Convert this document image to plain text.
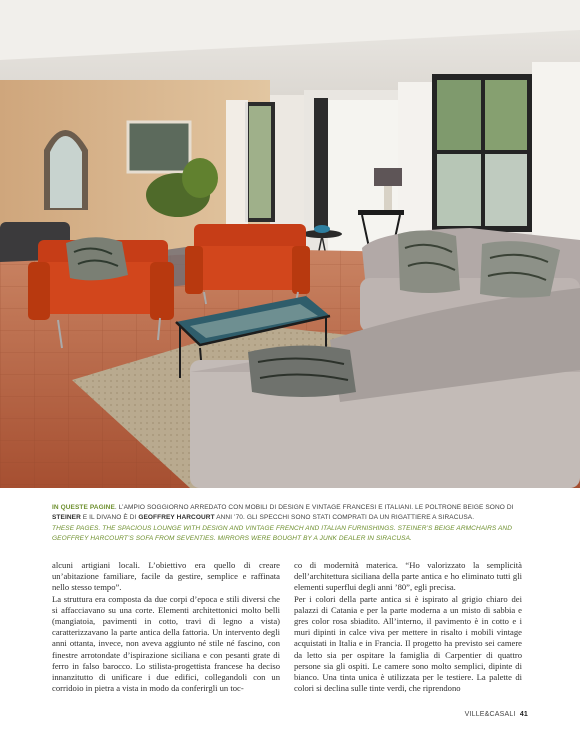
IN QUESTE PAGINE. L’AMPIO SOGGIORNO ARREDATO CON MOBILI DI DESIGN E VINTAGE FRANCESI E ITALIANI. LE POLTRONE BEIGE SONO DI STEINER E IL DIVANO È DI GEOFFREY HARCOURT ANNI ’70. GLI SPECCHI SONO STATI COMPRATI DA UN RIGATTIERE A SIRACUSA.

THESE PAGES. THE SPACIOUS LOUNGE WITH DESIGN AND VINTAGE FRENCH AND ITALIAN FURNISHINGS. STEINER’S BEIGE ARMCHAIRS AND GEOFFREY HARCOURT’S SOFA FROM SEVENTIES. MIRRORS WERE BOUGHT BY A JUNK DEALER IN SIRACUSA.

alcuni artigiani locali. L’obiettivo era quello di creare un’abitazione familiare, facile da gestire, semplice e raffinata nello stesso tempo”.

La struttura era composta da due corpi d’epoca e stili diversi che si affacciavano su una corte. Elementi architettonici molto belli (mangiatoia, pavimenti in cotto, travi di legno a vista) caratterizzavano la parte antica della fattoria. Un intervento degli anni ottanta, invece, non aveva aggiunto né stile né fascino, con finestre arrotondate d’ispirazione siciliana e con pesanti grate di ferro in falso barocco. Lo stilista-progettista francese ha deciso innanzitutto di unificare i due edifici, collegandoli con un corridoio in pietra a vista in modo da conferirgli un toc-

co di modernità materica. “Ho valorizzato la semplicità dell’architettura siciliana della parte antica e ho eliminato tutti gli elementi superflui degli anni ’80”, egli precisa.

Per i colori della parte antica si è ispirato al grigio chiaro dei palazzi di Catania e per la parte moderna a un misto di sabbia e gres color rosa sbiadito. All’interno, il pavimento è in cotto e i muri dipinti in calce viva per mettere in risalto i mobili vintage acquistati in Italia e in Francia. Il progetto ha previsto sei camere da letto sia per ospitare la famiglia di Carpentier di quattro persone sia gli ospiti. Le camere sono molto semplici, dipinte di bianco. Una tinta unica è utilizzata per le testiere. La palette di colori si declina sulle tinte verdi, che riprendono

VILLE&CASALI 41
